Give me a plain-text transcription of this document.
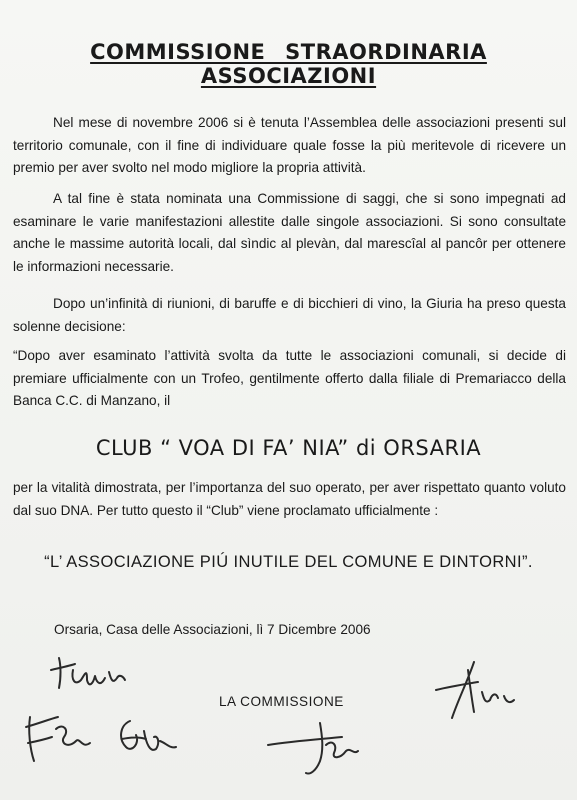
COMMISSIONE STRAORDINARIA ASSOCIAZIONI

Nel mese di novembre 2006 si è tenuta l’Assemblea delle associazioni presenti sul territorio comunale, con il fine di individuare quale fosse la più meritevole di ricevere un premio per aver svolto nel modo migliore la propria attività.

A tal fine è stata nominata una Commissione di saggi, che si sono impegnati ad esaminare le varie manifestazioni allestite dalle singole associazioni. Si sono consultate anche le massime autorità locali, dal sìndic al plevàn, dal marescîal al pancôr per ottenere le informazioni necessarie.

Dopo un’infinità di riunioni, di baruffe e di bicchieri di vino, la Giuria ha preso questa solenne decisione:

“Dopo aver esaminato l’attività svolta da tutte le associazioni comunali, si decide di premiare ufficialmente con un Trofeo, gentilmente offerto dalla filiale di Premariacco della Banca C.C. di Manzano, il

CLUB “ VOA DI FA’ NIA” di ORSARIA

per la vitalità dimostrata, per l’importanza del suo operato, per aver rispettato quanto voluto dal suo DNA. Per tutto questo il “Club” viene proclamato ufficialmente :

“L’ ASSOCIAZIONE PIÚ INUTILE DEL COMUNE E DINTORNI”.
Orsaria, Casa delle Associazioni, lì 7 Dicembre 2006
LA COMMISSIONE
